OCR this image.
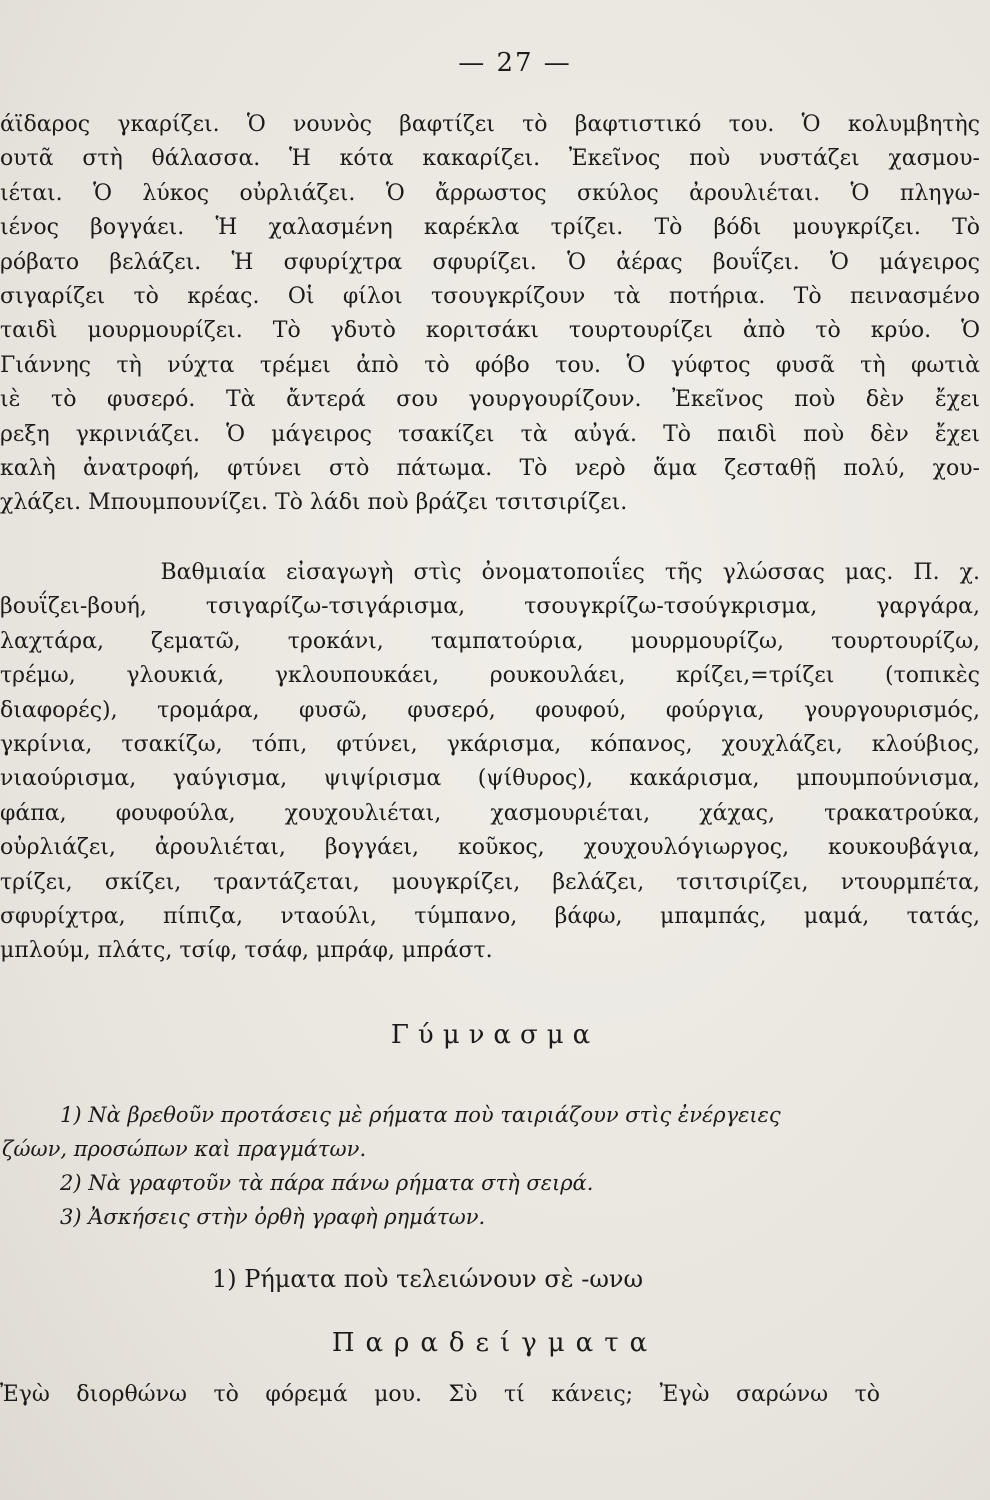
— 27 —
άϊδαρος γκαρίζει. Ὁ νουνὸς βαφτίζει τὸ βαφτιστικό του. Ὁ κολυμβητὴς
ουτᾶ στὴ θάλασσα. Ἡ κότα κακαρίζει. Ἐκεῖνος ποὺ νυστάζει χασμου-
ιέται. Ὁ λύκος οὐρλιάζει. Ὁ ἄρρωστος σκύλος ἀρουλιέται. Ὁ πληγω-
ιένος βογγάει. Ἡ χαλασμένη καρέκλα τρίζει. Τὸ βόδι μουγκρίζει. Τὸ
ρόβατο βελάζει. Ἡ σφυρίχτρα σφυρίζει. Ὁ ἀέρας βουΐζει. Ὁ μάγειρος
σιγαρίζει τὸ κρέας. Οἱ φίλοι τσουγκρίζουν τὰ ποτήρια. Τὸ πεινασμένο
ταιδὶ μουρμουρίζει. Τὸ γδυτὸ κοριτσάκι τουρτουρίζει ἀπὸ τὸ κρύο. Ὁ
Γιάννης τὴ νύχτα τρέμει ἀπὸ τὸ φόβο του. Ὁ γύφτος φυσᾶ τὴ φωτιὰ
ιὲ τὸ φυσερό. Τὰ ἄντερά σου γουργουρίζουν. Ἐκεῖνος ποὺ δὲν ἔχει
ρεξη γκρινιάζει. Ὁ μάγειρος τσακίζει τὰ αὐγά. Τὸ παιδὶ ποὺ δὲν ἔχει
καλὴ ἀνατροφή, φτύνει στὸ πάτωμα. Τὸ νερὸ ἅμα ζεσταθῇ πολύ, χου-
χλάζει. Μπουμπουνίζει. Τὸ λάδι ποὺ βράζει τσιτσιρίζει.
Βαθμιαία εἰσαγωγὴ στὶς ὀνοματοποιΐες τῆς γλώσσας μας. Π. χ.
βουΐζει-βουή, τσιγαρίζω-τσιγάρισμα, τσουγκρίζω-τσούγκρισμα, γαργάρα,
λαχτάρα, ζεματῶ, τροκάνι, ταμπατούρια, μουρμουρίζω, τουρτουρίζω,
τρέμω, γλουκιά, γκλουπουκάει, ρουκουλάει, κρίζει,=τρίζει (τοπικὲς
διαφορές), τρομάρα, φυσῶ, φυσερό, φουφού, φούργια, γουργουρισμός,
γκρίνια, τσακίζω, τόπι, φτύνει, γκάρισμα, κόπανος, χουχλάζει, κλούβιος,
νιαούρισμα, γαύγισμα, ψιψίρισμα (ψίθυρος), κακάρισμα, μπουμπούνισμα,
φάπα, φουφούλα, χουχουλιέται, χασμουριέται, χάχας, τρακατρούκα,
οὐρλιάζει, ἀρουλιέται, βογγάει, κοῦκος, χουχουλόγιωργος, κουκουβάγια,
τρίζει, σκίζει, τραντάζεται, μουγκρίζει, βελάζει, τσιτσιρίζει, ντουρμπέτα,
σφυρίχτρα, πίπιζα, νταούλι, τύμπανο, βάφω, μπαμπάς, μαμά, τατάς,
μπλούμ, πλάτς, τσίφ, τσάφ, μπράφ, μπράστ.
Γύμνασμα
1) Νὰ βρεθοῦν προτάσεις μὲ ρήματα ποὺ ταιριάζουν στὶς ἐνέργειες
ζώων, προσώπων καὶ πραγμάτων.
2) Νὰ γραφτοῦν τὰ πάρα πάνω ρήματα στὴ σειρά.
3) Ἀσκήσεις στὴν ὀρθὴ γραφὴ ρημάτων.
1) Ρήματα ποὺ τελειώνουν σὲ -ωνω
Παραδείγματα
Ἐγὼ διορθώνω τὸ φόρεμά μου. Σὺ τί κάνεις; Ἐγὼ σαρώνω τὸ
